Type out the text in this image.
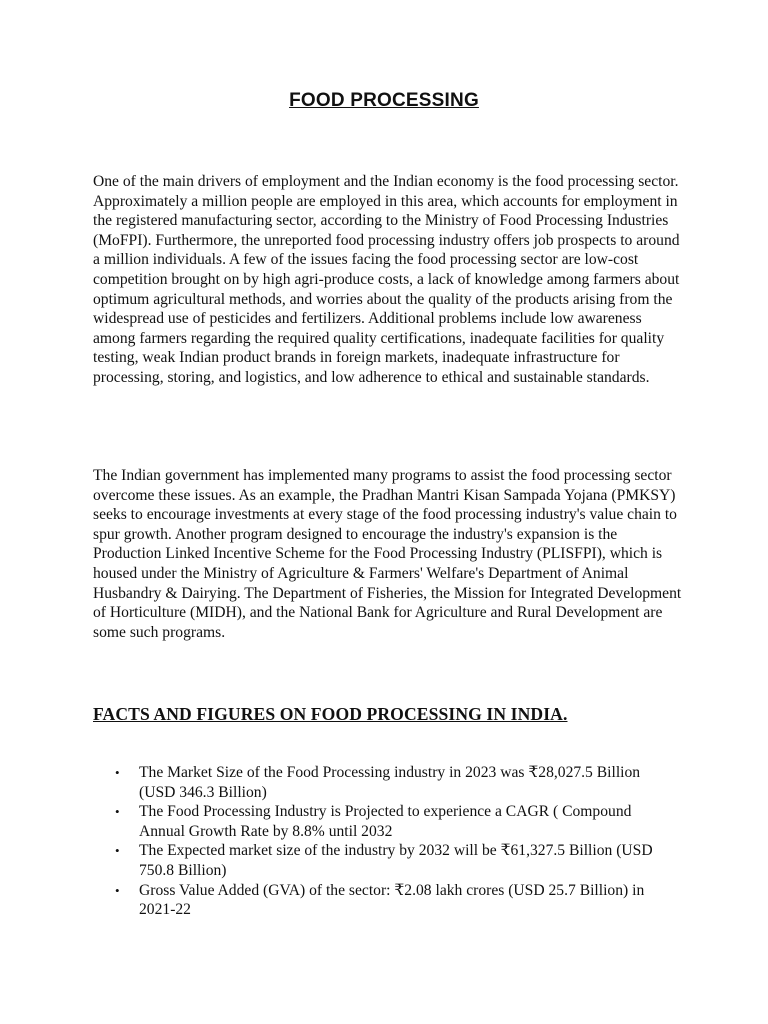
FOOD PROCESSING

One of the main drivers of employment and the Indian economy is the food processing sector. Approximately a million people are employed in this area, which accounts for employment in the registered manufacturing sector, according to the Ministry of Food Processing Industries (MoFPI). Furthermore, the unreported food processing industry offers job prospects to around a million individuals. A few of the issues facing the food processing sector are low-cost competition brought on by high agri-produce costs, a lack of knowledge among farmers about optimum agricultural methods, and worries about the quality of the products arising from the widespread use of pesticides and fertilizers. Additional problems include low awareness among farmers regarding the required quality certifications, inadequate facilities for quality testing, weak Indian product brands in foreign markets, inadequate infrastructure for processing, storing, and logistics, and low adherence to ethical and sustainable standards.

The Indian government has implemented many programs to assist the food processing sector overcome these issues. As an example, the Pradhan Mantri Kisan Sampada Yojana (PMKSY) seeks to encourage investments at every stage of the food processing industry's value chain to spur growth. Another program designed to encourage the industry's expansion is the Production Linked Incentive Scheme for the Food Processing Industry (PLISFPI), which is housed under the Ministry of Agriculture & Farmers' Welfare's Department of Animal Husbandry & Dairying. The Department of Fisheries, the Mission for Integrated Development of Horticulture (MIDH), and the National Bank for Agriculture and Rural Development are some such programs.

FACTS AND FIGURES ON FOOD PROCESSING IN INDIA.
• The Market Size of the Food Processing industry in 2023 was ₹28,027.5 Billion (USD 346.3 Billion)
• The Food Processing Industry is Projected to experience a CAGR ( Compound Annual Growth Rate by 8.8% until 2032
• The Expected market size of the industry by 2032 will be ₹61,327.5 Billion (USD 750.8 Billion)
• Gross Value Added (GVA) of the sector: ₹2.08 lakh crores (USD 25.7 Billion) in 2021-22
